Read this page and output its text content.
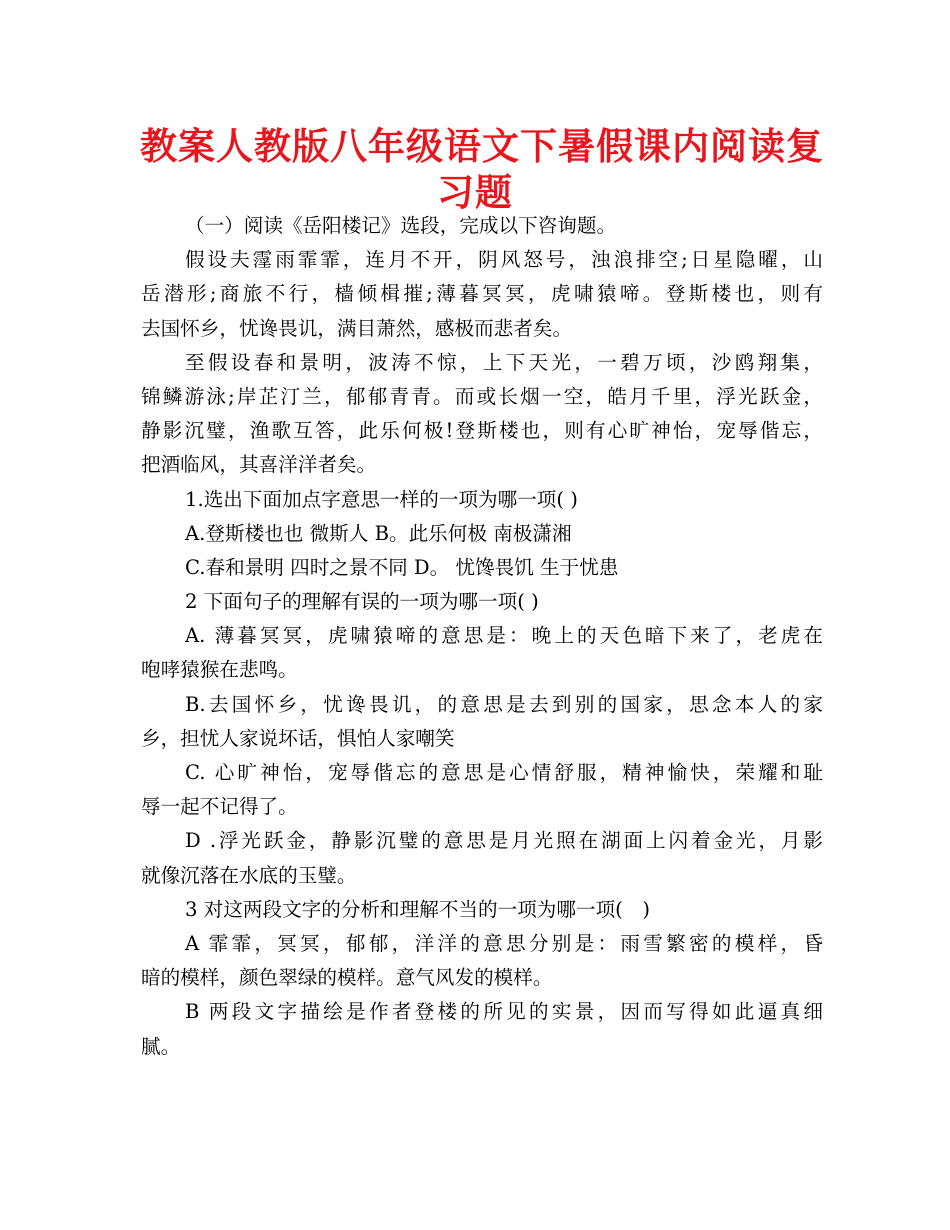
教案人教版八年级语文下暑假课内阅读复
习题
（一）阅读《岳阳楼记》选段，完成以下咨询题。
假设夫霪雨霏霏，连月不开，阴风怒号，浊浪排空;日星隐曜，山
岳潜形;商旅不行，樯倾楫摧;薄暮冥冥，虎啸猿啼。登斯楼也，则有
去国怀乡，忧谗畏讥，满目萧然，感极而悲者矣。
至假设春和景明，波涛不惊，上下天光，一碧万顷，沙鸥翔集，
锦鳞游泳;岸芷汀兰，郁郁青青。而或长烟一空，皓月千里，浮光跃金，
静影沉璧，渔歌互答，此乐何极!登斯楼也，则有心旷神怡，宠辱偕忘，
把酒临风，其喜洋洋者矣。
1.选出下面加点字意思一样的一项为哪一项( )
A.登斯楼也也 微斯人 B。此乐何极 南极潇湘
C.春和景明 四时之景不同 D。 忧馋畏饥 生于忧患
2 下面句子的理解有误的一项为哪一项( )
A. 薄暮冥冥，虎啸猿啼的意思是：晚上的天色暗下来了，老虎在
咆哮猿猴在悲鸣。
B.去国怀乡，忧谗畏讥，的意思是去到别的国家，思念本人的家
乡，担忧人家说坏话，惧怕人家嘲笑
C. 心旷神怡，宠辱偕忘的意思是心情舒服，精神愉快，荣耀和耻
辱一起不记得了。
D .浮光跃金，静影沉璧的意思是月光照在湖面上闪着金光，月影
就像沉落在水底的玉璧。
3 对这两段文字的分析和理解不当的一项为哪一项(　)
A 霏霏，冥冥，郁郁，洋洋的意思分别是：雨雪繁密的模样，昏
暗的模样，颜色翠绿的模样。意气风发的模样。
B 两段文字描绘是作者登楼的所见的实景，因而写得如此逼真细
腻。
